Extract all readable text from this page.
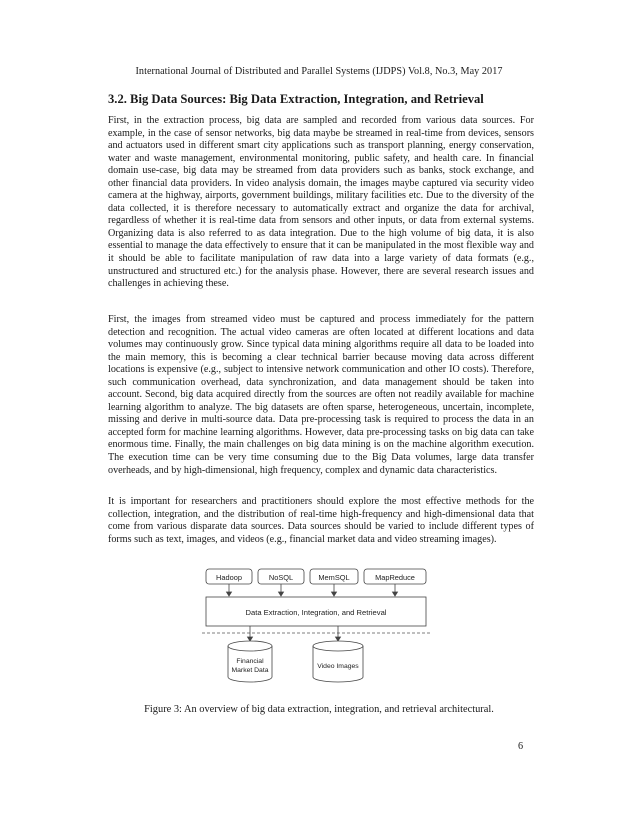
International Journal of Distributed and Parallel Systems (IJDPS) Vol.8, No.3, May 2017
3.2. Big Data Sources: Big Data Extraction, Integration, and Retrieval

First, in the extraction process, big data are sampled and recorded from various data sources. For example, in the case of sensor networks, big data maybe be streamed in real-time from devices, sensors and actuators used in different smart city applications such as transport planning, energy conservation, water and waste management, environmental monitoring, public safety, and health care. In financial domain use-case, big data may be streamed from data providers such as banks, stock exchange, and other financial data providers. In video analysis domain, the images maybe captured via security video camera at the highway, airports, government buildings, military facilities etc. Due to the diversity of the data collected, it is therefore necessary to automatically extract and organize the data for archival, regardless of whether it is real-time data from sensors and other inputs, or data from external systems. Organizing data is also referred to as data integration. Due to the high volume of big data, it is also essential to manage the data effectively to ensure that it can be manipulated in the most flexible way and it should be able to facilitate manipulation of raw data into a large variety of data formats (e.g., unstructured and structured etc.) for the analysis phase. However, there are several research issues and challenges in achieving these.

First, the images from streamed video must be captured and process immediately for the pattern detection and recognition. The actual video cameras are often located at different locations and data volumes may continuously grow. Since typical data mining algorithms require all data to be loaded into the main memory, this is becoming a clear technical barrier because moving data across different locations is expensive (e.g., subject to intensive network communication and other IO costs). Therefore, such communication overhead, data synchronization, and data management should be taken into account. Second, big data acquired directly from the sources are often not readily available for machine learning algorithm to analyze. The big datasets are often sparse, heterogeneous, uncertain, incomplete, missing and derive in multi-source data. Data pre-processing task is required to process the data in an accepted form for machine learning algorithms. However, data pre-processing tasks on big data can take enormous time. Finally, the main challenges on big data mining is on the machine algorithm execution. The execution time can be very time consuming due to the Big Data volumes, large data transfer overheads, and by high-dimensional, high frequency, complex and dynamic data characteristics.

It is important for researchers and practitioners should explore the most effective methods for the collection, integration, and the distribution of real-time high-frequency and high-dimensional data that come from various disparate data sources. Data sources should be varied to include different types of forms such as text, images, and videos (e.g., financial market data and video streaming images).

Hadoop	NoSQL	MemSQL	MapReduce
Data Extraction, Integration, and Retrieval
Financial
Market Data
Video Images
Figure 3: An overview of big data extraction, integration, and retrieval architectural.
6
